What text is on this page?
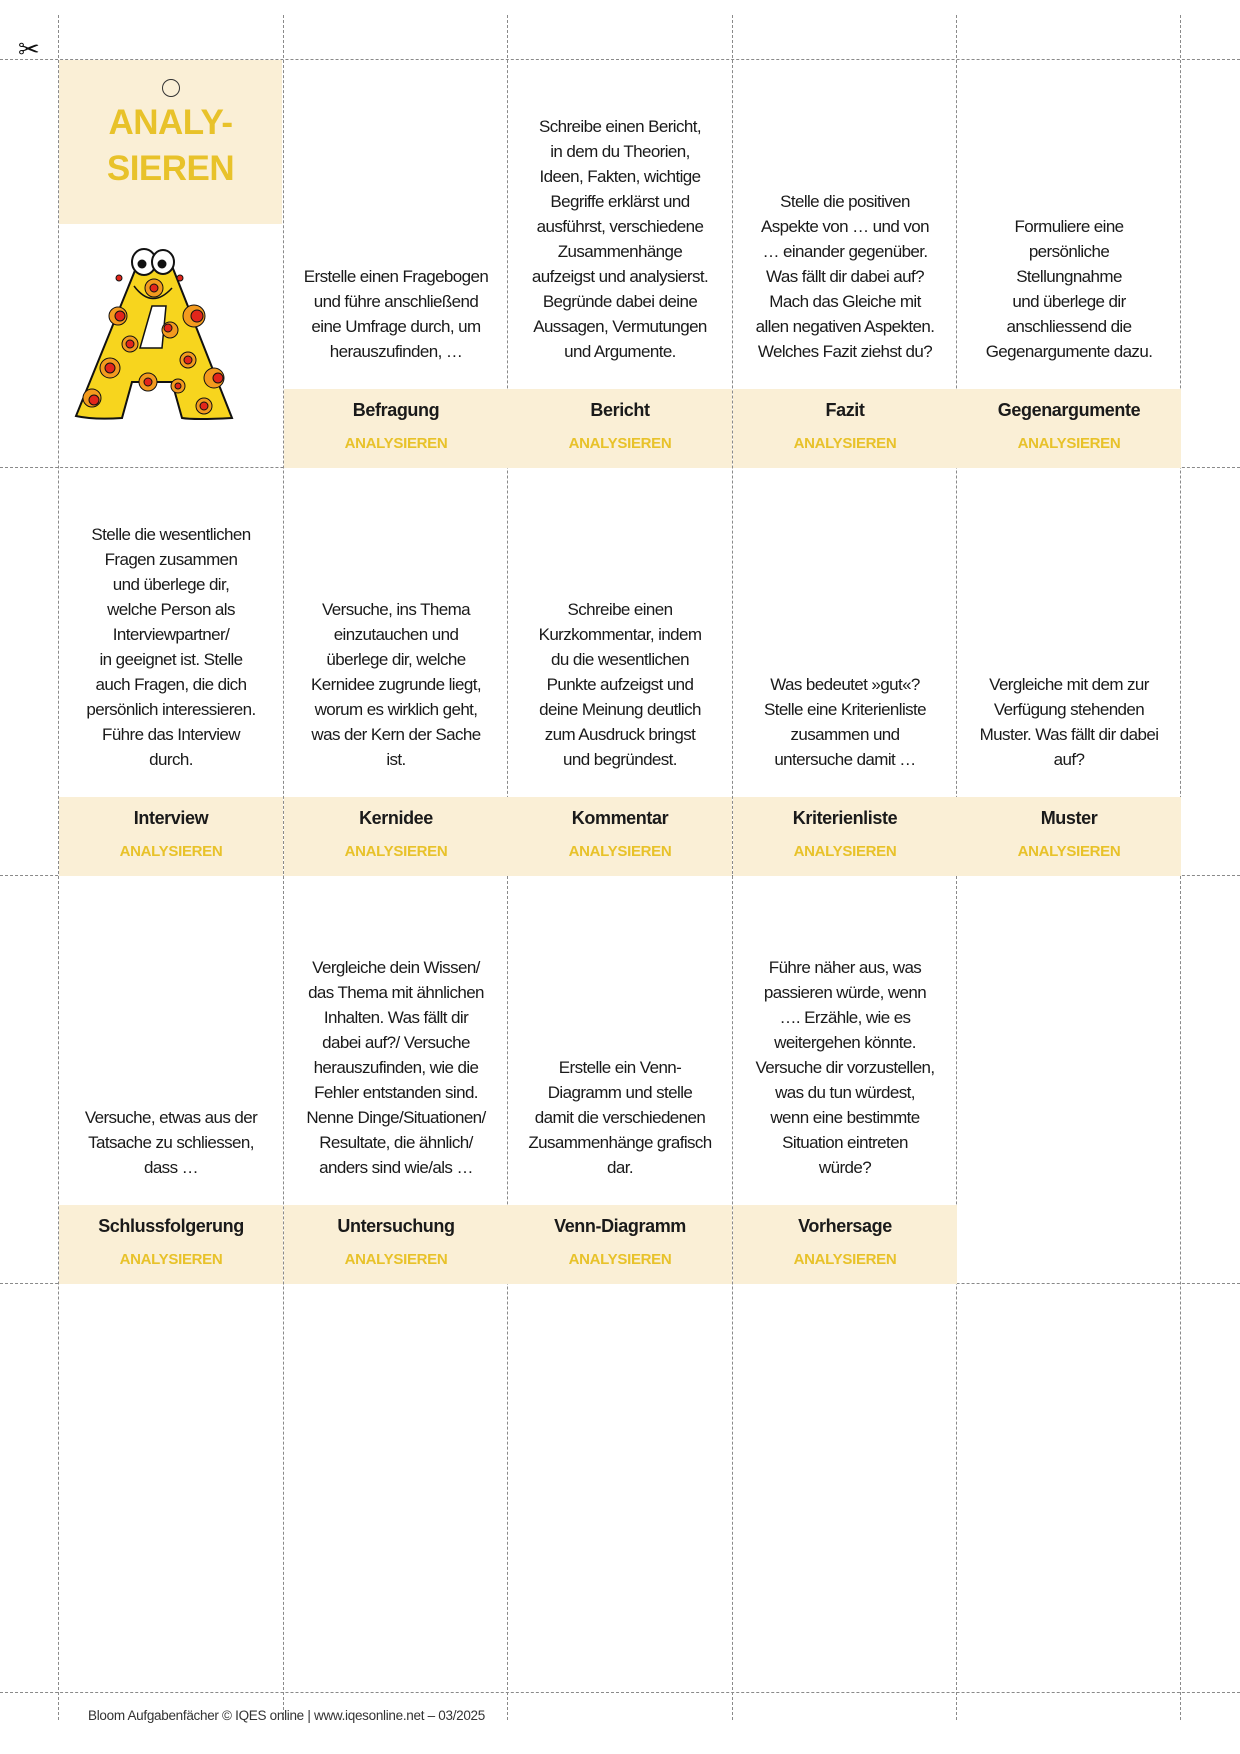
✂
ANALY-
SIEREN
Erstelle einen Fragebogen
und führe anschließend
eine Umfrage durch, um
herauszufinden, …
Befragung
ANALYSIEREN
Schreibe einen Bericht,
in dem du Theorien,
Ideen, Fakten, wichtige
Begriffe erklärst und
ausführst, verschiedene
Zusammenhänge
aufzeigst und analysierst.
Begründe dabei deine
Aussagen, Vermutungen
und Argumente.
Bericht
ANALYSIEREN
Stelle die positiven
Aspekte von … und von
… einander gegenüber.
Was fällt dir dabei auf?
Mach das Gleiche mit
allen negativen Aspekten.
Welches Fazit ziehst du?
Fazit
ANALYSIEREN
Formuliere eine
persönliche
Stellungnahme
und überlege dir
anschliessend die
Gegenargumente dazu.
Gegenargumente
ANALYSIEREN
Stelle die wesentlichen
Fragen zusammen
und überlege dir,
welche Person als
Interviewpartner/
in geeignet ist. Stelle
auch Fragen, die dich
persönlich interessieren.
Führe das Interview
durch.
Interview
ANALYSIEREN
Versuche, ins Thema
einzutauchen und
überlege dir, welche
Kernidee zugrunde liegt,
worum es wirklich geht,
was der Kern der Sache
ist.
Kernidee
ANALYSIEREN
Schreibe einen
Kurzkommentar, indem
du die wesentlichen
Punkte aufzeigst und
deine Meinung deutlich
zum Ausdruck bringst
und begründest.
Kommentar
ANALYSIEREN
Was bedeutet »gut«?
Stelle eine Kriterienliste
zusammen und
untersuche damit …
Kriterienliste
ANALYSIEREN
Vergleiche mit dem zur
Verfügung stehenden
Muster. Was fällt dir dabei
auf?
Muster
ANALYSIEREN
Versuche, etwas aus der
Tatsache zu schliessen,
dass …
Schlussfolgerung
ANALYSIEREN
Vergleiche dein Wissen/
das Thema mit ähnlichen
Inhalten. Was fällt dir
dabei auf?/ Versuche
herauszufinden, wie die
Fehler entstanden sind.
Nenne Dinge/Situationen/
Resultate, die ähnlich/
anders sind wie/als …
Untersuchung
ANALYSIEREN
Erstelle ein Venn-
Diagramm und stelle
damit die verschiedenen
Zusammenhänge grafisch
dar.
Venn-Diagramm
ANALYSIEREN
Führe näher aus, was
passieren würde, wenn
…. Erzähle, wie es
weitergehen könnte.
Versuche dir vorzustellen,
was du tun würdest,
wenn eine bestimmte
Situation eintreten
würde?
Vorhersage
ANALYSIEREN
Bloom Aufgabenfächer © IQES online | www.iqesonline.net – 03/2025
